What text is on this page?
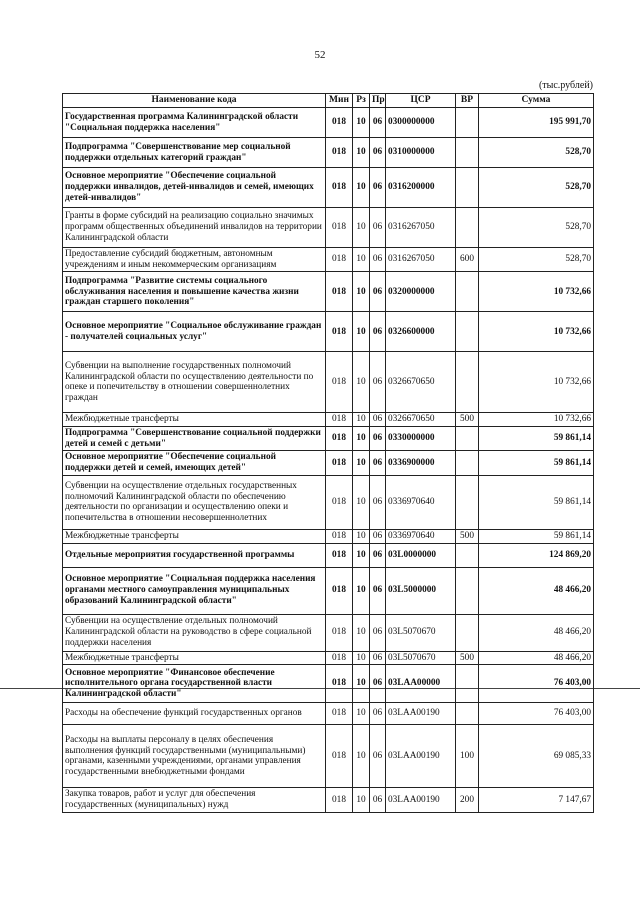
52
(тыс.рублей)
Наименование кода	Мин	Рз	Пр	ЦСР	ВР	Сумма
Государственная программа Калининградской области "Социальная поддержка населения"	018	10	06	0300000000		195 991,70
Подпрограмма "Совершенствование мер социальной поддержки отдельных категорий граждан"	018	10	06	0310000000		528,70
Основное мероприятие "Обеспечение социальной поддержки инвалидов, детей-инвалидов и семей, имеющих детей-инвалидов"	018	10	06	0316200000		528,70
Гранты в форме субсидий на реализацию социально значимых программ общественных объединений инвалидов на территории Калининградской области	018	10	06	0316267050		528,70
Предоставление субсидий бюджетным, автономным учреждениям и иным некоммерческим организациям	018	10	06	0316267050	600	528,70
Подпрограмма "Развитие системы социального обслуживания населения и повышение качества жизни граждан старшего поколения"	018	10	06	0320000000		10 732,66
Основное мероприятие "Социальное обслуживание граждан - получателей социальных услуг"	018	10	06	0326600000		10 732,66
Субвенции на выполнение государственных полномочий Калининградской области по осуществлению деятельности по опеке и попечительству в отношении совершеннолетних граждан	018	10	06	0326670650		10 732,66
Межбюджетные трансферты	018	10	06	0326670650	500	10 732,66
Подпрограмма "Совершенствование социальной поддержки детей и семей с детьми"	018	10	06	0330000000		59 861,14
Основное мероприятие "Обеспечение социальной поддержки детей и семей, имеющих детей"	018	10	06	0336900000		59 861,14
Субвенции на осуществление отдельных государственных полномочий Калининградской области по обеспечению деятельности по организации и осуществлению опеки и попечительства в отношении несовершеннолетних	018	10	06	0336970640		59 861,14
Межбюджетные трансферты	018	10	06	0336970640	500	59 861,14
Отдельные мероприятия государственной программы	018	10	06	03L0000000		124 869,20
Основное мероприятие "Социальная поддержка населения органами местного самоуправления муниципальных образований Калининградской области"	018	10	06	03L5000000		48 466,20
Субвенции на осуществление отдельных полномочий Калининградской области на руководство в сфере социальной поддержки населения	018	10	06	03L5070670		48 466,20
Межбюджетные трансферты	018	10	06	03L5070670	500	48 466,20
Основное мероприятие "Финансовое обеспечение исполнительного органа государственной власти Калининградской области"	018	10	06	03LAA00000		76 403,00
Расходы на обеспечение функций государственных органов	018	10	06	03LAA00190		76 403,00
Расходы на выплаты персоналу в целях обеспечения выполнения функций государственными (муниципальными) органами, казенными учреждениями, органами управления государственными внебюджетными фондами	018	10	06	03LAA00190	100	69 085,33
Закупка товаров, работ и услуг для обеспечения государственных (муниципальных) нужд	018	10	06	03LAA00190	200	7 147,67
